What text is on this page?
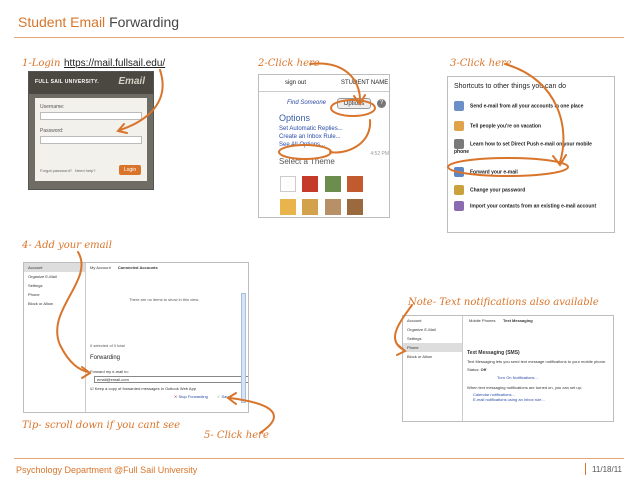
Student Email Forwarding
1-Login https://mail.fullsail.edu/	2-Click here	3-Click here
4- Add your email
Note- Text notifications also available
Tip- scroll down if you cant see
5- Click here
FULL SAIL UNIVERSITY. Email
Username:
Password:
Forgot password? Need help?	Login
sign out	STUDENT NAME
Find Someone	Options	?
Options
Set Automatic Replies...
Create an Inbox Rule...
See All Options...
Select a Theme

4:52 PM
Shortcuts to other things you can do
Send e-mail from all your accounts in one place
Tell people you're on vacation
Learn how to set Direct Push e-mail on your mobile phone
Forward your e-mail
Change your password
Import your contacts from an existing e-mail account
Account
Organize E-Mail
Settings
Phone
Block or Allow
My Account Connected Accounts
There are no items to show in this view.
0 selected of 0 total
Forwarding
Forward my e-mail to:
email@email.com
☑ Keep a copy of forwarded messages in Outlook Web App
✕ Stop Forwarding ✓ Save
Account
Organize E-Mail
Settings
Phone
Block or Allow
Mobile Phones Text Messaging
Text Messaging (SMS)
Text Messaging lets you send text message notifications to your mobile phone.
Status: Off
Turn On Notifications...
When text messaging notifications are turned on, you can set up:
Calendar notifications...
E-mail notifications using an Inbox rule...
Psychology Department @Full Sail University	11/18/11
